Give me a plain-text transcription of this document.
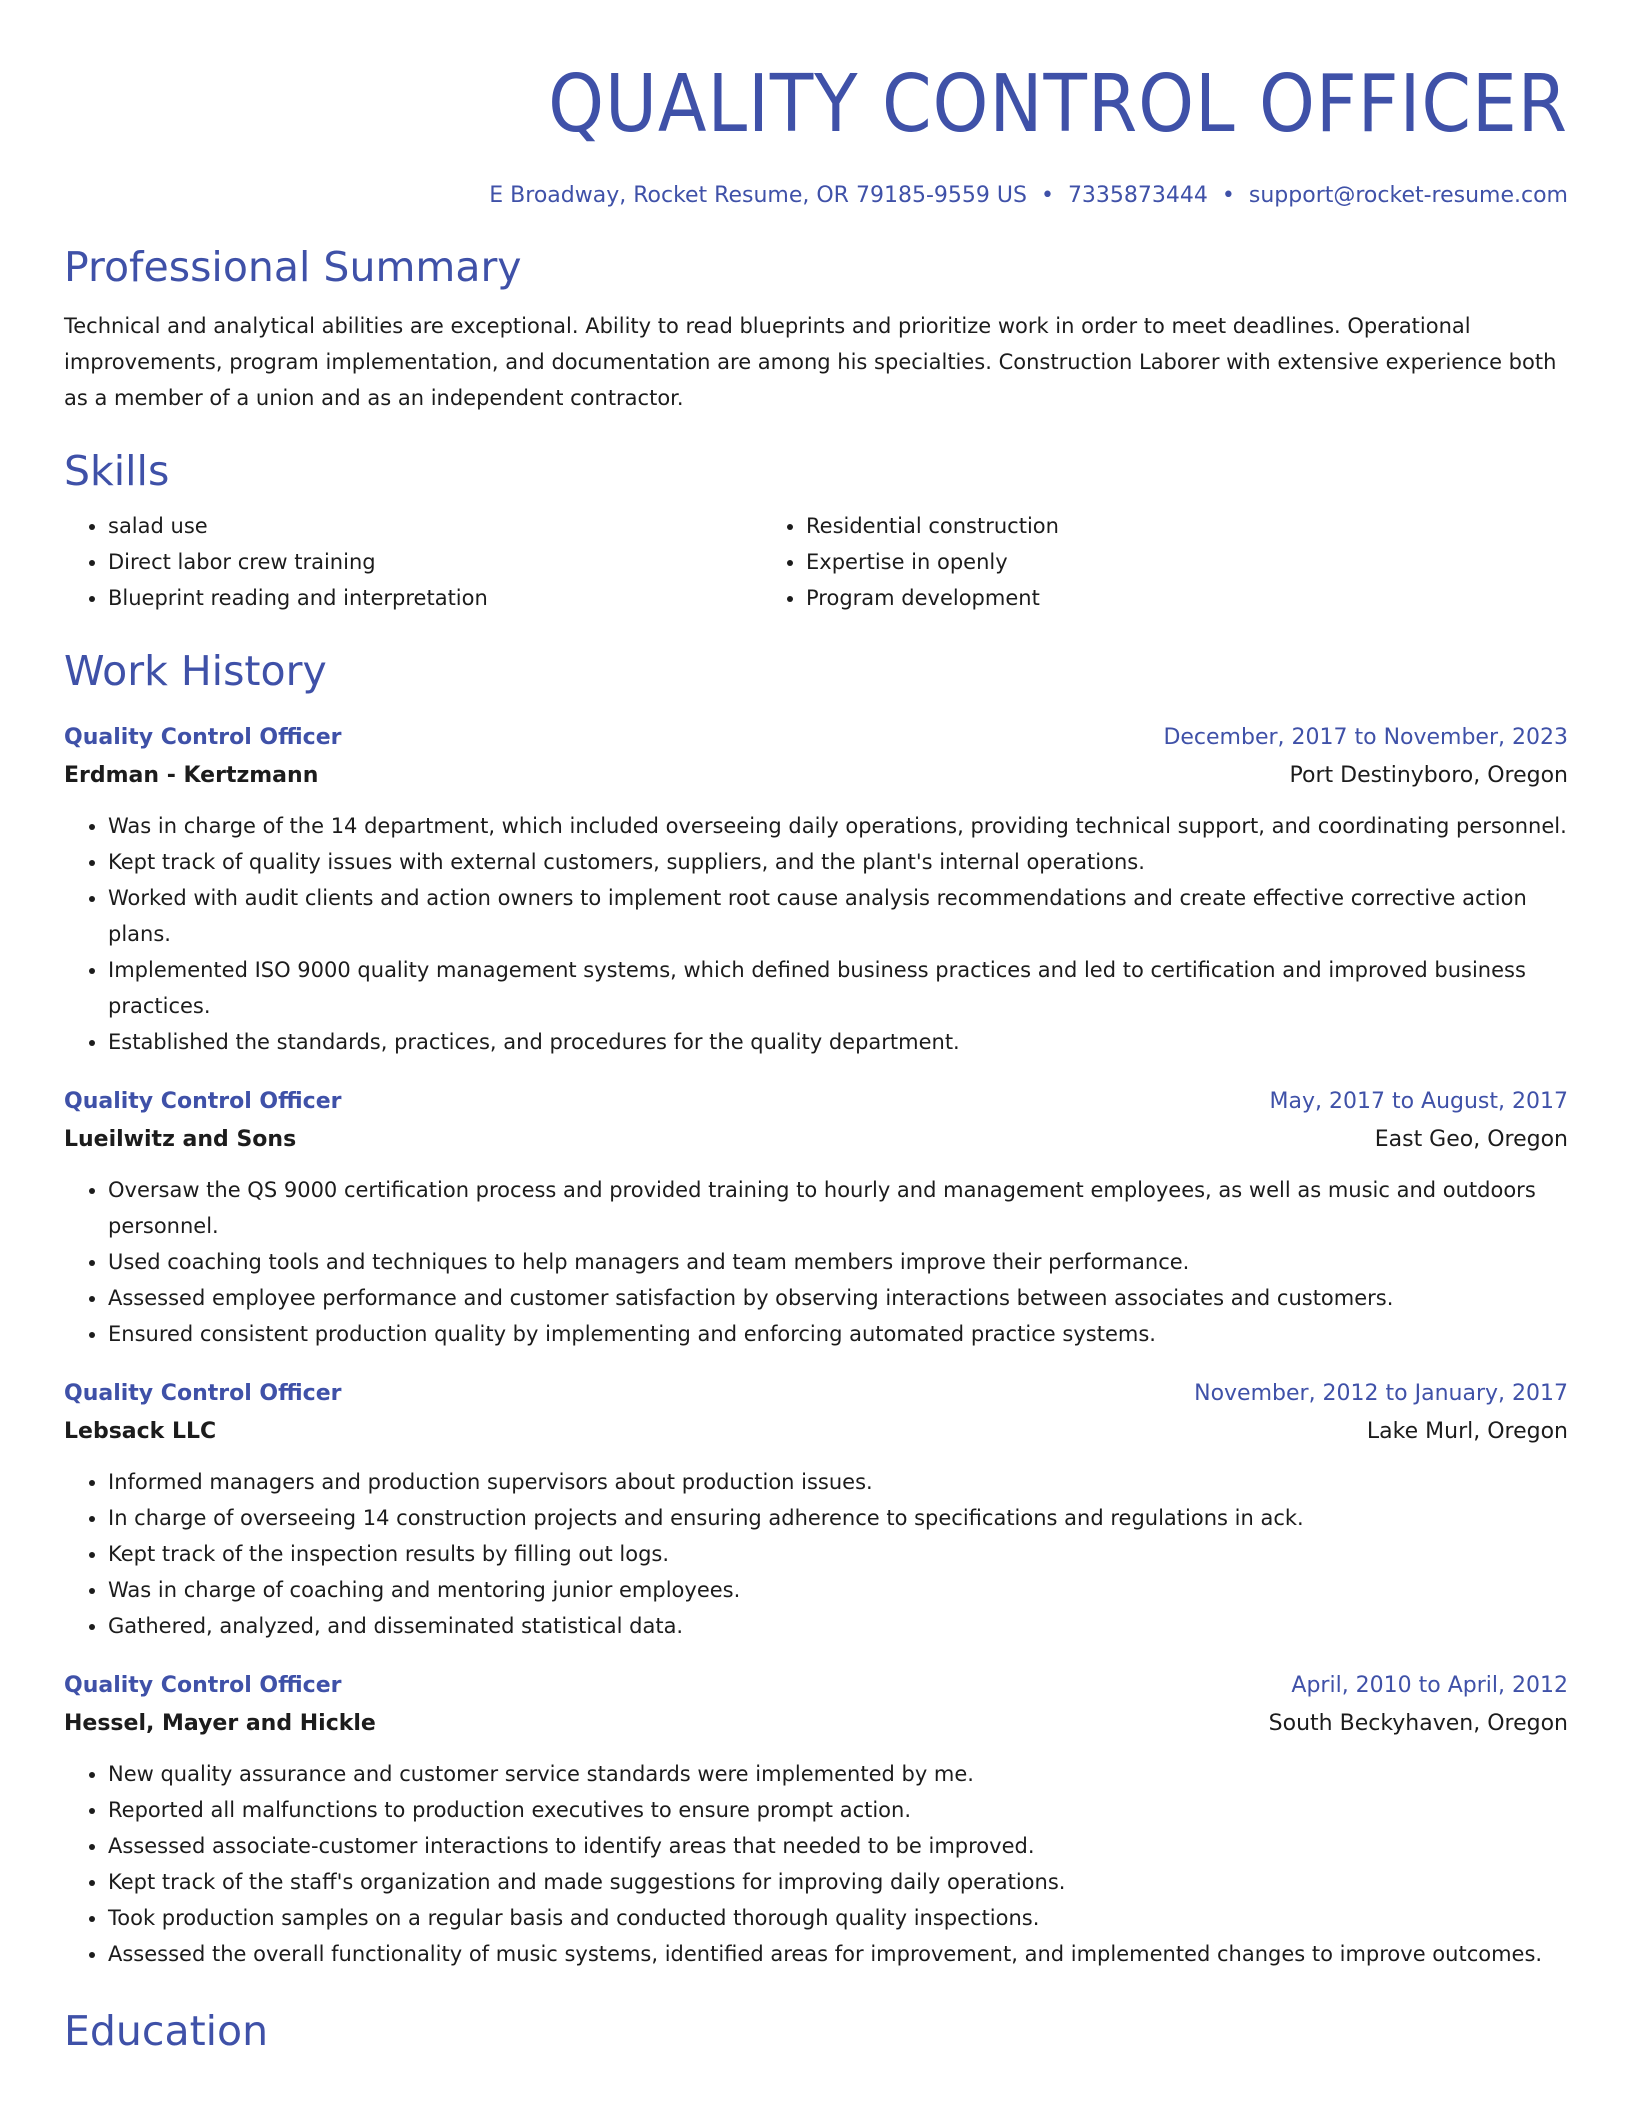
QUALITY CONTROL OFFICER
E Broadway, Rocket Resume, OR 79185-9559 US • 7335873444 • support@rocket-resume.com
Professional Summary
Technical and analytical abilities are exceptional. Ability to read blueprints and prioritize work in order to meet deadlines. Operational improvements, program implementation, and documentation are among his specialties. Construction Laborer with extensive experience both as a member of a union and as an independent contractor.
Skills
• salad use
• Direct labor crew training
• Blueprint reading and interpretation
• Residential construction
• Expertise in openly
• Program development
Work History
Quality Control Officer	December, 2017 to November, 2023
Erdman - Kertzmann	Port Destinyboro, Oregon
• Was in charge of the 14 department, which included overseeing daily operations, providing technical support, and coordinating personnel.
• Kept track of quality issues with external customers, suppliers, and the plant's internal operations.
• Worked with audit clients and action owners to implement root cause analysis recommendations and create effective corrective action plans.
• Implemented ISO 9000 quality management systems, which defined business practices and led to certification and improved business practices.
• Established the standards, practices, and procedures for the quality department.
Quality Control Officer	May, 2017 to August, 2017
Lueilwitz and Sons	East Geo, Oregon
• Oversaw the QS 9000 certification process and provided training to hourly and management employees, as well as music and outdoors personnel.
• Used coaching tools and techniques to help managers and team members improve their performance.
• Assessed employee performance and customer satisfaction by observing interactions between associates and customers.
• Ensured consistent production quality by implementing and enforcing automated practice systems.
Quality Control Officer	November, 2012 to January, 2017
Lebsack LLC	Lake Murl, Oregon
• Informed managers and production supervisors about production issues.
• In charge of overseeing 14 construction projects and ensuring adherence to specifications and regulations in ack.
• Kept track of the inspection results by filling out logs.
• Was in charge of coaching and mentoring junior employees.
• Gathered, analyzed, and disseminated statistical data.
Quality Control Officer	April, 2010 to April, 2012
Hessel, Mayer and Hickle	South Beckyhaven, Oregon
• New quality assurance and customer service standards were implemented by me.
• Reported all malfunctions to production executives to ensure prompt action.
• Assessed associate-customer interactions to identify areas that needed to be improved.
• Kept track of the staff's organization and made suggestions for improving daily operations.
• Took production samples on a regular basis and conducted thorough quality inspections.
• Assessed the overall functionality of music systems, identified areas for improvement, and implemented changes to improve outcomes.
Education
